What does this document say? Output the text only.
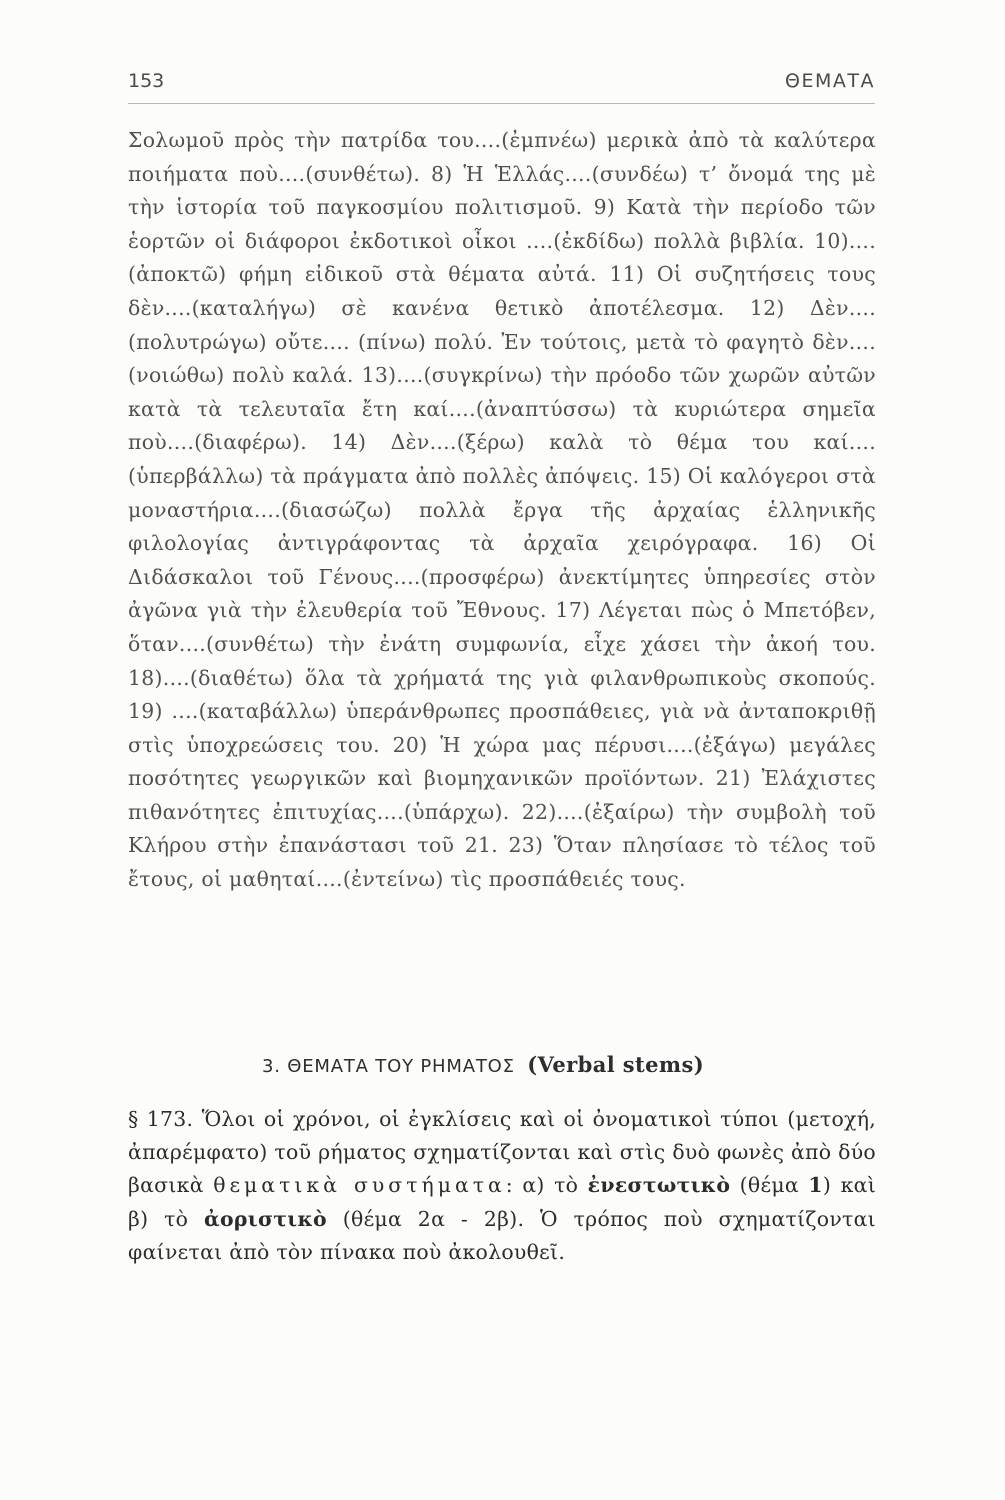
153	ΘΕΜΑΤΑ
Σολωμοῦ πρὸς τὴν πατρίδα του....(ἐμπνέω) μερικὰ ἀπὸ τὰ καλύτερα ποιήματα ποὺ....(συνθέτω). 8) Ἡ Ἑλλάς....(συνδέω) τ’ ὄνομά της μὲ τὴν ἱστορία τοῦ παγκοσμίου πολιτισμοῦ. 9) Κατὰ τὴν περίοδο τῶν ἑορτῶν οἱ διάφοροι ἐκδοτικοὶ οἶκοι ....(ἐκδίδω) πολλὰ βιβλία. 10)....(ἀποκτῶ) φήμη εἰδικοῦ στὰ θέματα αὐτά. 11) Οἱ συζητήσεις τους δὲν....(καταλήγω) σὲ κανένα θετικὸ ἀποτέλεσμα. 12) Δὲν....(πολυτρώγω) οὔτε.... (πίνω) πολύ. Ἐν τούτοις, μετὰ τὸ φαγητὸ δὲν....(νοιώθω) πολὺ καλά. 13)....(συγκρίνω) τὴν πρόοδο τῶν χωρῶν αὐτῶν κατὰ τὰ τελευταῖα ἔτη καί....(ἀναπτύσσω) τὰ κυριώτερα σημεῖα ποὺ....(διαφέρω). 14) Δὲν....(ξέρω) καλὰ τὸ θέμα του καί....(ὑπερβάλλω) τὰ πράγματα ἀπὸ πολλὲς ἀπόψεις. 15) Οἱ καλόγεροι στὰ μοναστήρια....(διασώζω) πολλὰ ἔργα τῆς ἀρχαίας ἑλληνικῆς φιλολογίας ἀντιγράφοντας τὰ ἀρχαῖα χειρόγραφα. 16) Οἱ Διδάσκαλοι τοῦ Γένους....(προσφέρω) ἀνεκτίμητες ὑπηρεσίες στὸν ἀγῶνα γιὰ τὴν ἐλευθερία τοῦ Ἔθνους. 17) Λέγεται πὼς ὁ Μπετόβεν, ὅταν....(συνθέτω) τὴν ἐνάτη συμφωνία, εἶχε χάσει τὴν ἀκοή του. 18)....(διαθέτω) ὅλα τὰ χρήματά της γιὰ φιλανθρωπικοὺς σκοπούς. 19) ....(καταβάλλω) ὑπεράνθρωπες προσπάθειες, γιὰ νὰ ἀνταποκριθῇ στὶς ὑποχρεώσεις του. 20) Ἡ χώρα μας πέρυσι....(ἐξάγω) μεγάλες ποσότητες γεωργικῶν καὶ βιομηχανικῶν προϊόντων. 21) Ἐλάχιστες πιθανότητες ἐπιτυχίας....(ὑπάρχω). 22)....(ἐξαίρω) τὴν συμβολὴ τοῦ Κλήρου στὴν ἐπανάστασι τοῦ 21. 23) Ὅταν πλησίασε τὸ τέλος τοῦ ἔτους, οἱ μαθηταί....(ἐντείνω) τὶς προσπάθειές τους.
3. ΘΕΜΑΤΑ ΤΟΥ ΡΗΜΑΤΟΣ (Verbal stems)
§ 173. Ὅλοι οἱ χρόνοι, οἱ ἐγκλίσεις καὶ οἱ ὀνοματικοὶ τύποι (μετοχή, ἀπαρέμφατο) τοῦ ρήματος σχηματίζονται καὶ στὶς δυὸ φωνὲς ἀπὸ δύο βασικὰ θεματικὰ συστήματα: α) τὸ ἐνεστωτικὸ (θέμα 1) καὶ β) τὸ ἀοριστικὸ (θέμα 2α - 2β). Ὁ τρόπος ποὺ σχηματίζονται φαίνεται ἀπὸ τὸν πίνακα ποὺ ἀκολουθεῖ.
